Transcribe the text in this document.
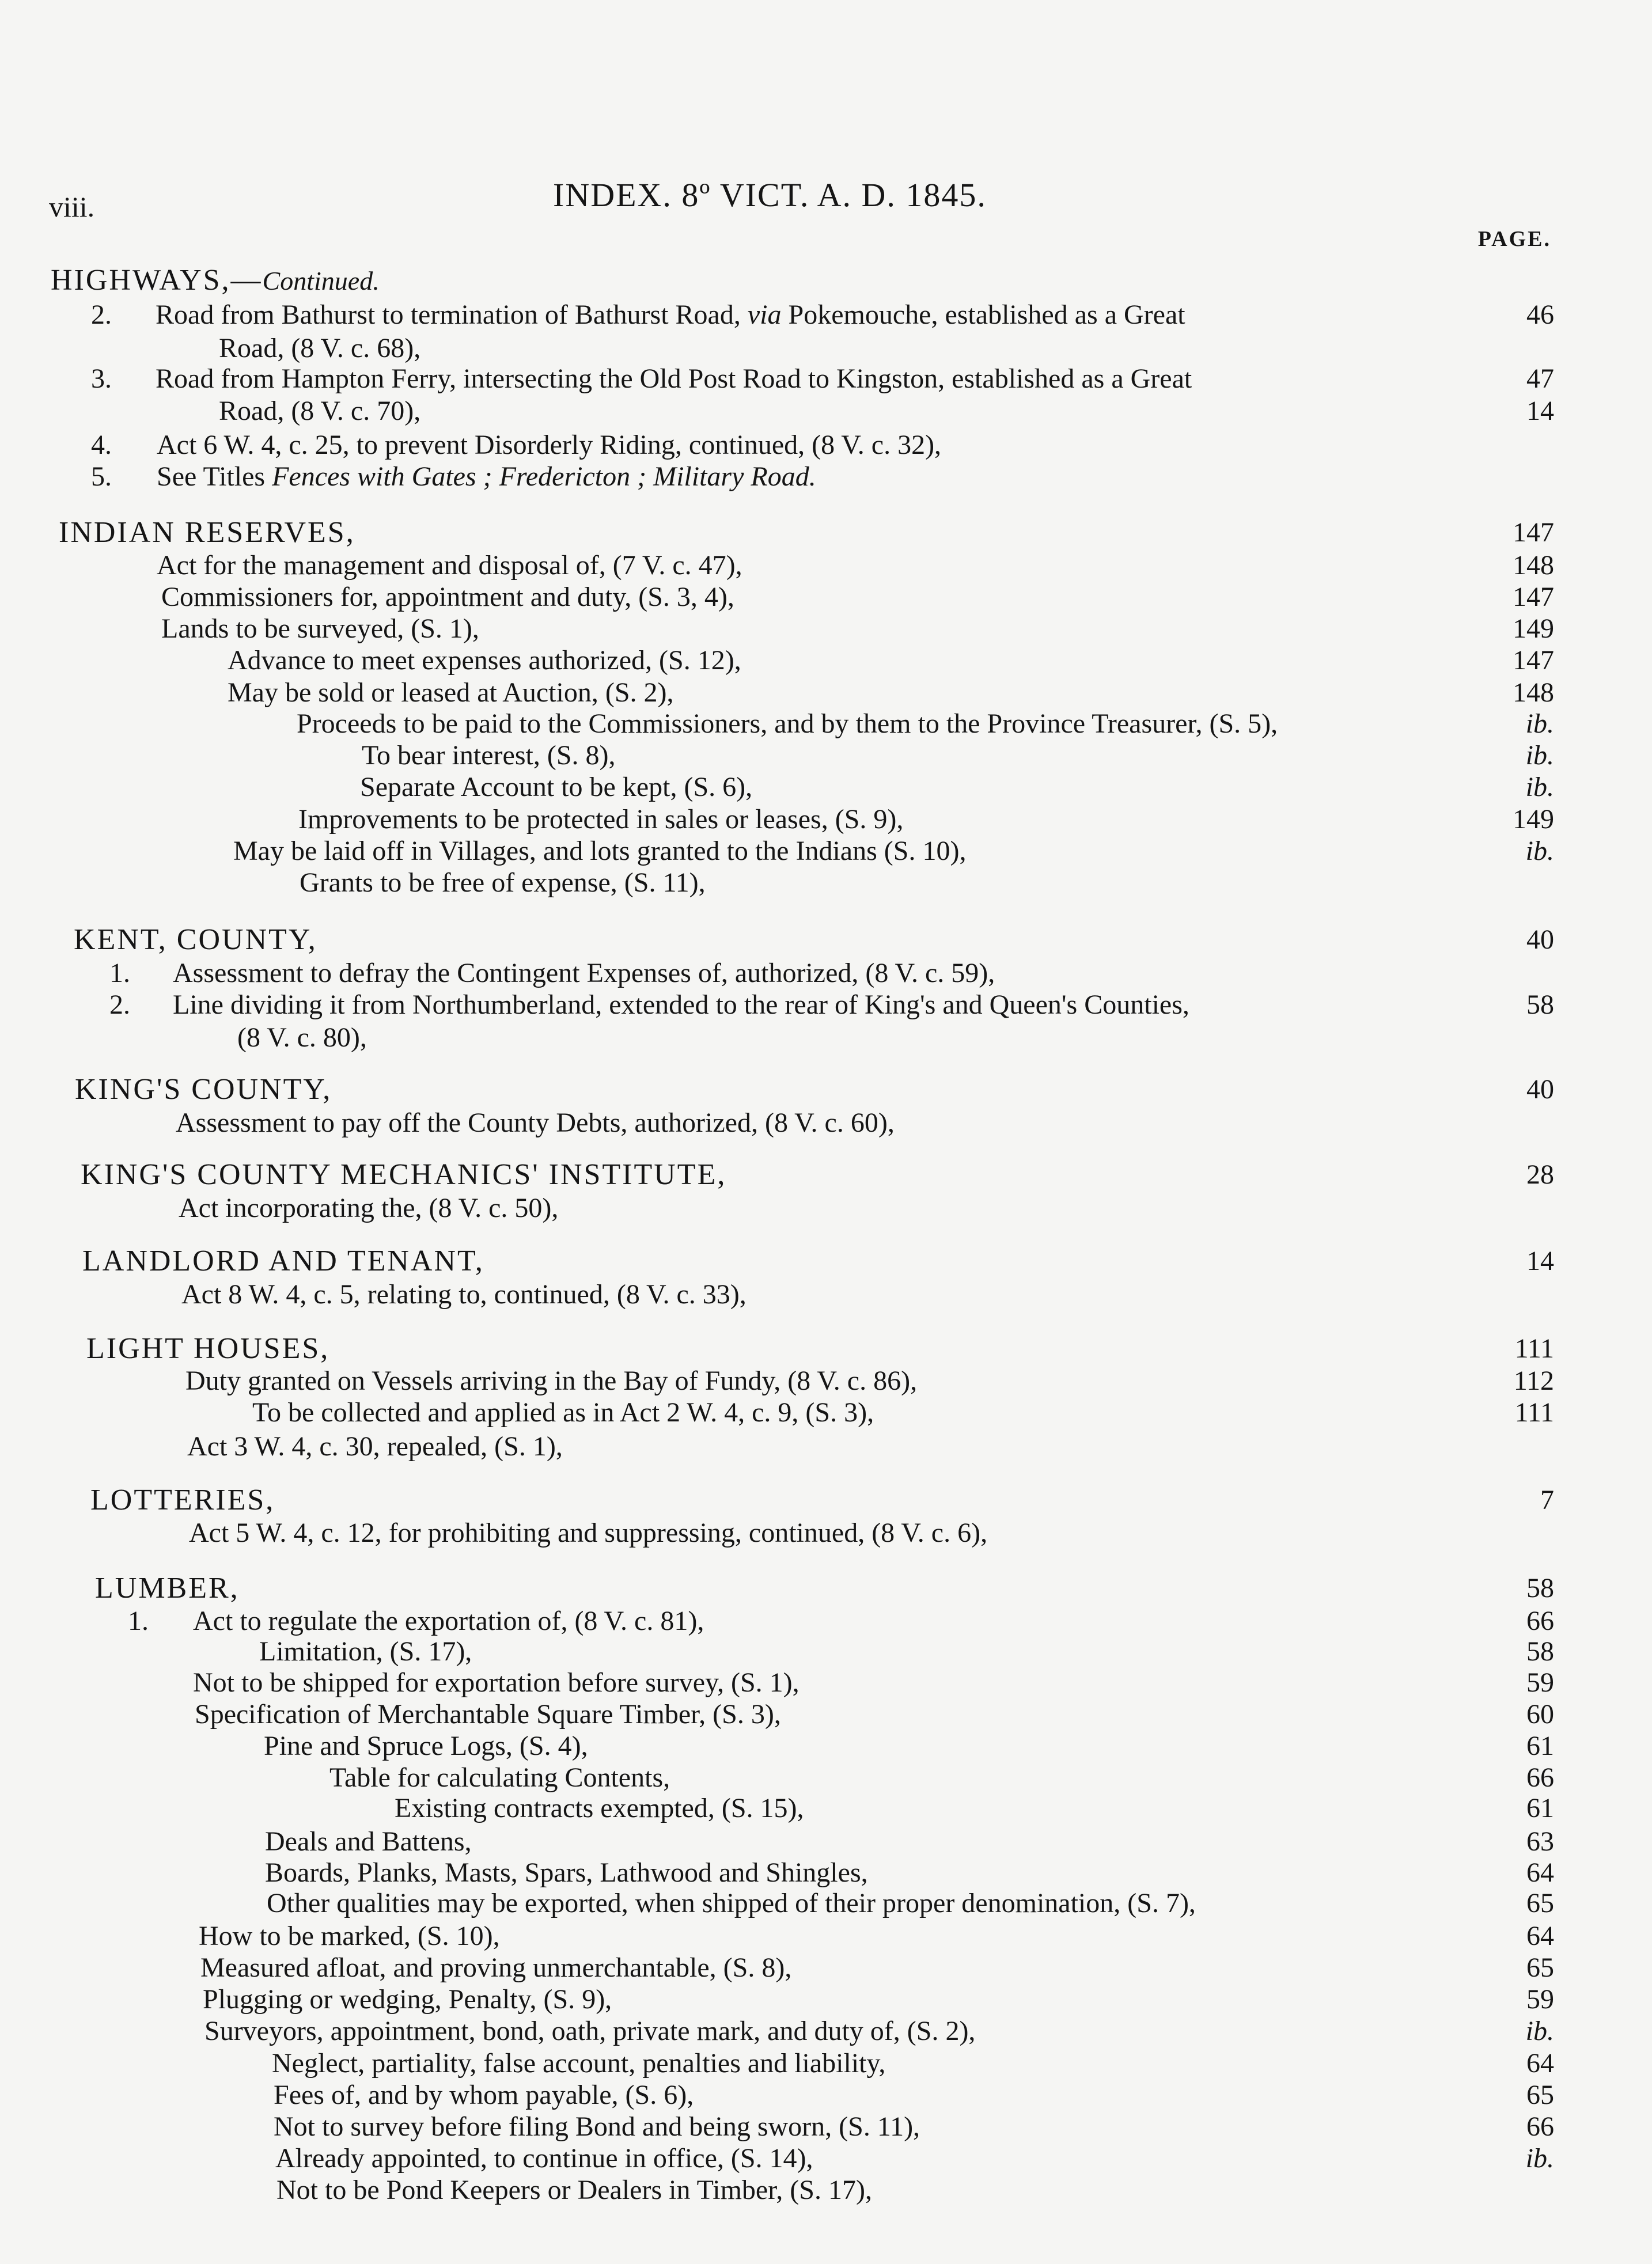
viii.	INDEX. 8º VICT. A. D. 1845.
PAGE.
HIGHWAYS,—Continued.
2. Road from Bathurst to termination of Bathurst Road, via Pokemouche, established as a Great	46
Road, (8 V. c. 68),
3. Road from Hampton Ferry, intersecting the Old Post Road to Kingston, established as a Great	47
Road, (8 V. c. 70),	14
4. Act 6 W. 4, c. 25, to prevent Disorderly Riding, continued, (8 V. c. 32),
5. See Titles Fences with Gates ; Fredericton ; Military Road.
INDIAN RESERVES,	147
Act for the management and disposal of, (7 V. c. 47),	148
Commissioners for, appointment and duty, (S. 3, 4),	147
Lands to be surveyed, (S. 1),	149
Advance to meet expenses authorized, (S. 12),	147
May be sold or leased at Auction, (S. 2),	148
Proceeds to be paid to the Commissioners, and by them to the Province Treasurer, (S. 5),	ib.
To bear interest, (S. 8),	ib.
Separate Account to be kept, (S. 6),	ib.
Improvements to be protected in sales or leases, (S. 9),	149
May be laid off in Villages, and lots granted to the Indians (S. 10),	ib.
Grants to be free of expense, (S. 11),
KENT, COUNTY,	40
1. Assessment to defray the Contingent Expenses of, authorized, (8 V. c. 59),
2. Line dividing it from Northumberland, extended to the rear of King's and Queen's Counties,	58
(8 V. c. 80),
KING'S COUNTY,	40
Assessment to pay off the County Debts, authorized, (8 V. c. 60),
KING'S COUNTY MECHANICS' INSTITUTE,	28
Act incorporating the, (8 V. c. 50),
LANDLORD AND TENANT,	14
Act 8 W. 4, c. 5, relating to, continued, (8 V. c. 33),
LIGHT HOUSES,	111
Duty granted on Vessels arriving in the Bay of Fundy, (8 V. c. 86),	112
To be collected and applied as in Act 2 W. 4, c. 9, (S. 3),	111
Act 3 W. 4, c. 30, repealed, (S. 1),
LOTTERIES,	7
Act 5 W. 4, c. 12, for prohibiting and suppressing, continued, (8 V. c. 6),
LUMBER,	58
1. Act to regulate the exportation of, (8 V. c. 81),	66
Limitation, (S. 17),	58
Not to be shipped for exportation before survey, (S. 1),	59
Specification of Merchantable Square Timber, (S. 3),	60
Pine and Spruce Logs, (S. 4),	61
Table for calculating Contents,	66
Existing contracts exempted, (S. 15),	61
Deals and Battens,	63
Boards, Planks, Masts, Spars, Lathwood and Shingles,	64
Other qualities may be exported, when shipped of their proper denomination, (S. 7),	65
How to be marked, (S. 10),	64
Measured afloat, and proving unmerchantable, (S. 8),	65
Plugging or wedging, Penalty, (S. 9),	59
Surveyors, appointment, bond, oath, private mark, and duty of, (S. 2),	ib.
Neglect, partiality, false account, penalties and liability,	64
Fees of, and by whom payable, (S. 6),	65
Not to survey before filing Bond and being sworn, (S. 11),	66
Already appointed, to continue in office, (S. 14),	ib.
Not to be Pond Keepers or Dealers in Timber, (S. 17),
